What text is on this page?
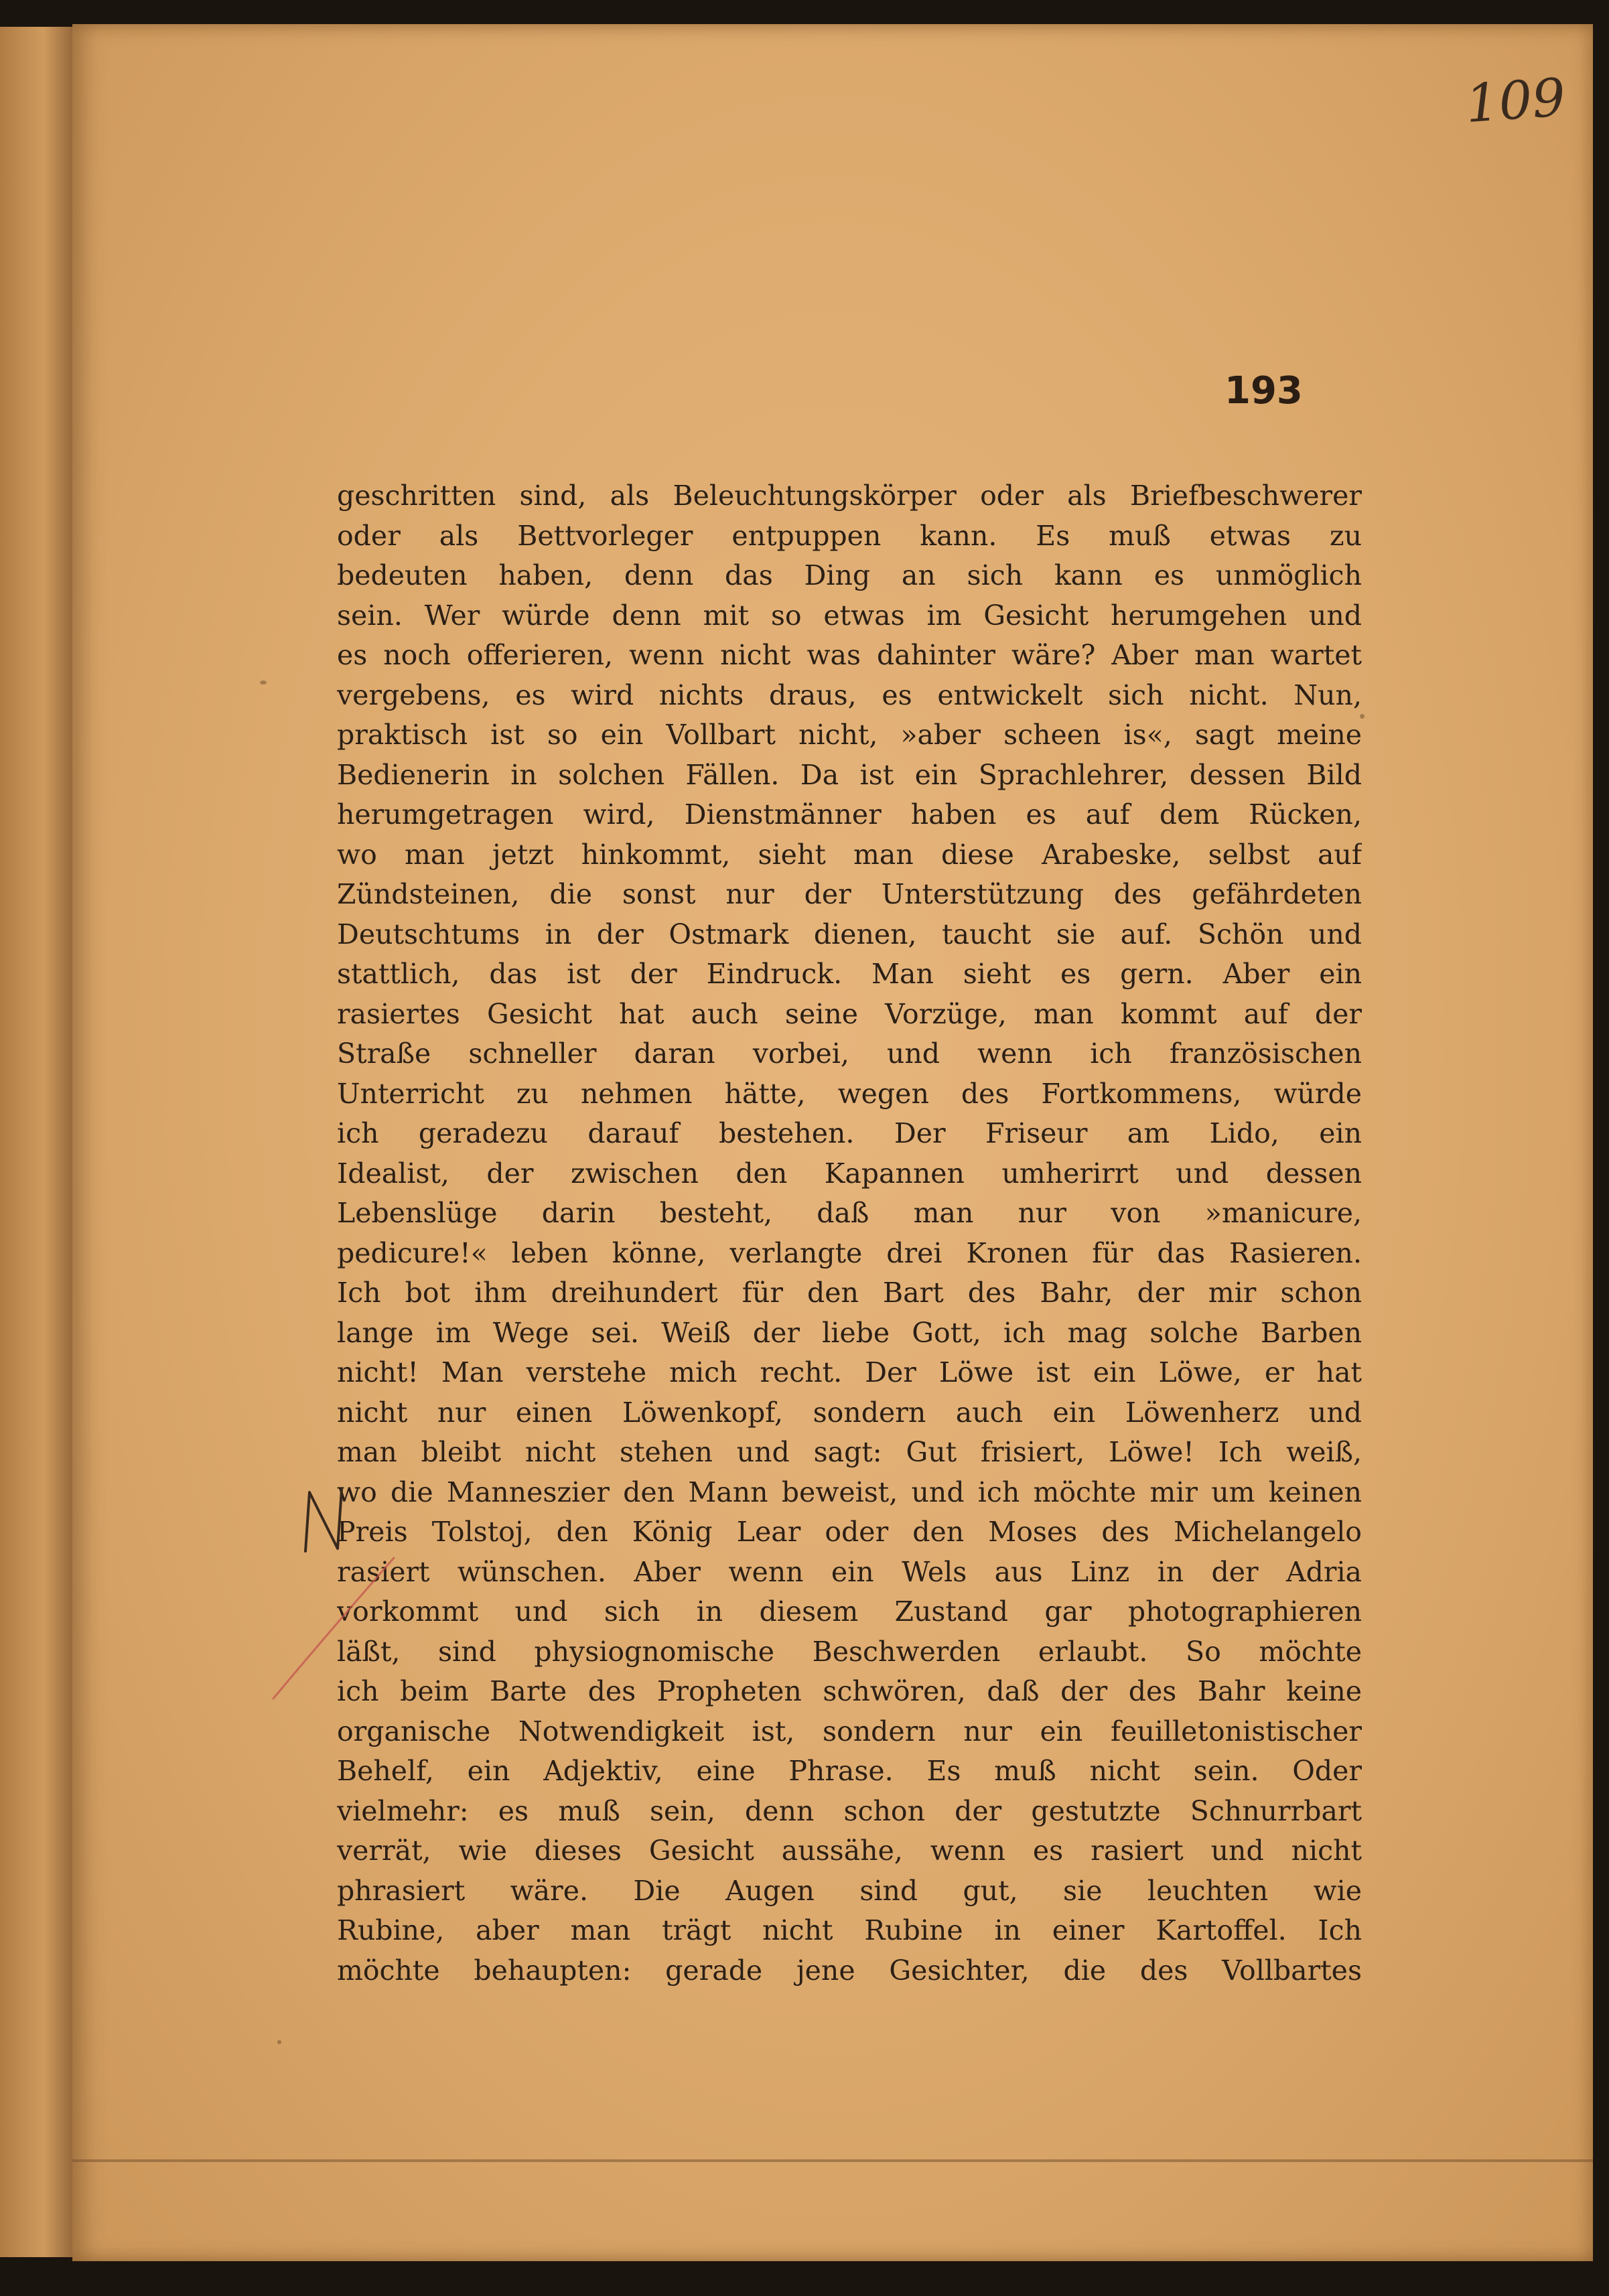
109
193
geschritten sind, als Beleuchtungskörper oder als Briefbeschwerer
oder als Bettvorleger entpuppen kann. Es muß etwas zu
bedeuten haben, denn das Ding an sich kann es unmöglich
sein. Wer würde denn mit so etwas im Gesicht herumgehen und
es noch offerieren, wenn nicht was dahinter wäre? Aber man wartet
vergebens, es wird nichts draus, es entwickelt sich nicht. Nun,
praktisch ist so ein Vollbart nicht, »aber scheen is«, sagt meine
Bedienerin in solchen Fällen. Da ist ein Sprachlehrer, dessen Bild
herumgetragen wird, Dienstmänner haben es auf dem Rücken,
wo man jetzt hinkommt, sieht man diese Arabeske, selbst auf
Zündsteinen, die sonst nur der Unterstützung des gefährdeten
Deutschtums in der Ostmark dienen, taucht sie auf. Schön und
stattlich, das ist der Eindruck. Man sieht es gern. Aber ein
rasiertes Gesicht hat auch seine Vorzüge, man kommt auf der
Straße schneller daran vorbei, und wenn ich französischen
Unterricht zu nehmen hätte, wegen des Fortkommens, würde
ich geradezu darauf bestehen. Der Friseur am Lido, ein
Idealist, der zwischen den Kapannen umherirrt und dessen
Lebenslüge darin besteht, daß man nur von »manicure,
pedicure!« leben könne, verlangte drei Kronen für das Rasieren.
Ich bot ihm dreihundert für den Bart des Bahr, der mir schon
lange im Wege sei. Weiß der liebe Gott, ich mag solche Barben
nicht! Man verstehe mich recht. Der Löwe ist ein Löwe, er hat
nicht nur einen Löwenkopf, sondern auch ein Löwenherz und
man bleibt nicht stehen und sagt: Gut frisiert, Löwe! Ich weiß,
wo die Manneszier den Mann beweist, und ich möchte mir um keinen
Preis Tolstoj, den König Lear oder den Moses des Michelangelo
rasiert wünschen. Aber wenn ein Wels aus Linz in der Adria
vorkommt und sich in diesem Zustand gar photographieren
läßt, sind physiognomische Beschwerden erlaubt. So möchte
ich beim Barte des Propheten schwören, daß der des Bahr keine
organische Notwendigkeit ist, sondern nur ein feuilletonistischer
Behelf, ein Adjektiv, eine Phrase. Es muß nicht sein. Oder
vielmehr: es muß sein, denn schon der gestutzte Schnurrbart
verrät, wie dieses Gesicht aussähe, wenn es rasiert und nicht
phrasiert wäre. Die Augen sind gut, sie leuchten wie
Rubine, aber man trägt nicht Rubine in einer Kartoffel. Ich
möchte behaupten: gerade jene Gesichter, die des Vollbartes
